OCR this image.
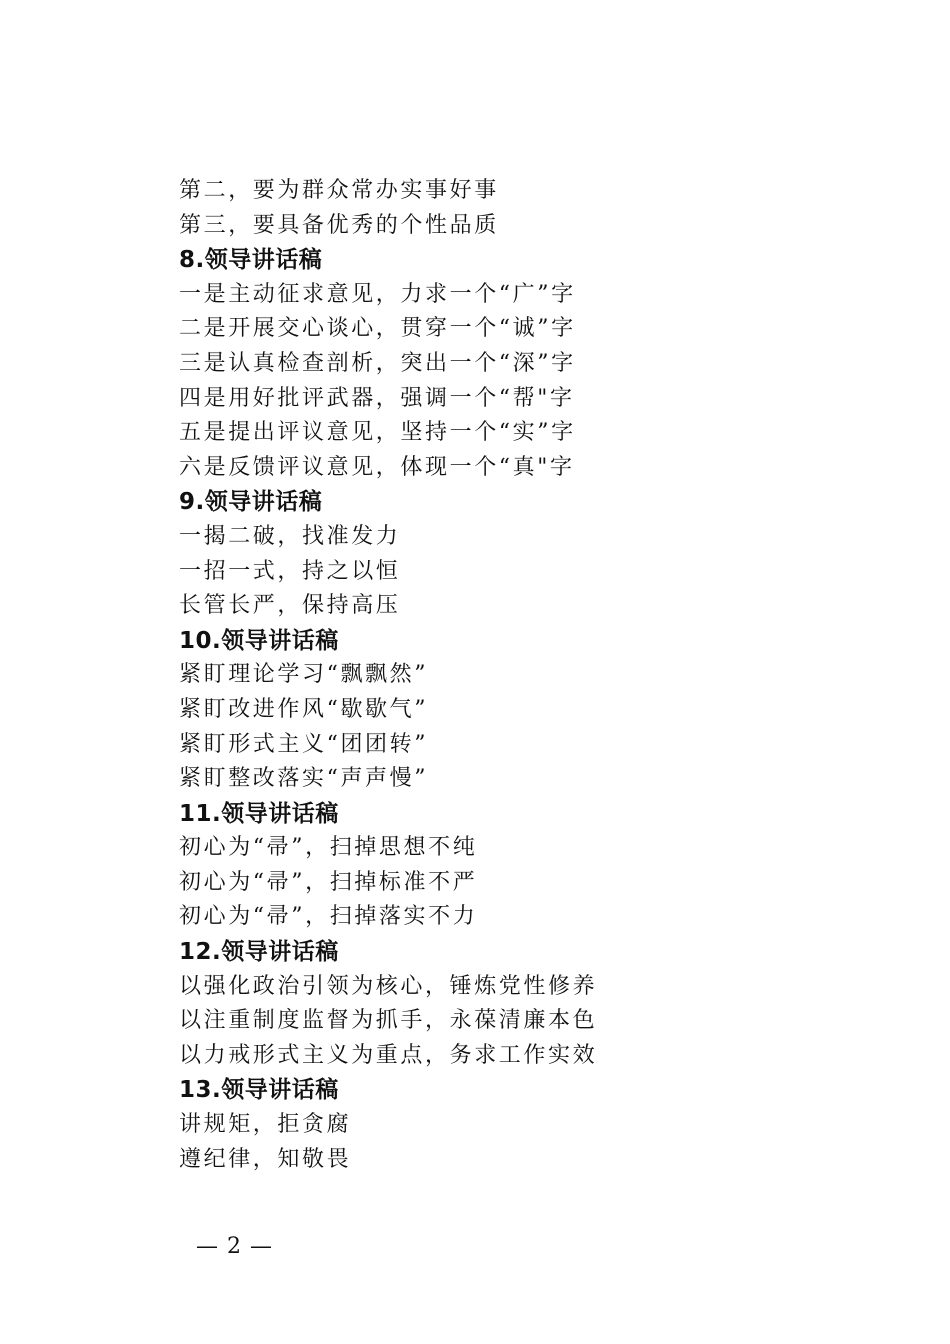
第二，要为群众常办实事好事
第三，要具备优秀的个性品质
8.领导讲话稿
一是主动征求意见，力求一个“广”字
二是开展交心谈心，贯穿一个“诚”字
三是认真检查剖析，突出一个“深”字
四是用好批评武器，强调一个“帮"字
五是提出评议意见，坚持一个“实”字
六是反馈评议意见，体现一个“真"字
9.领导讲话稿
一揭二破，找准发力
一招一式，持之以恒
长管长严，保持高压
10.领导讲话稿
紧盯理论学习“飘飘然”
紧盯改进作风“歇歇气”
紧盯形式主义“团团转”
紧盯整改落实“声声慢”
11.领导讲话稿
初心为“帚”，扫掉思想不纯
初心为“帚”，扫掉标准不严
初心为“帚”，扫掉落实不力
12.领导讲话稿
以强化政治引领为核心，锤炼党性修养
以注重制度监督为抓手，永葆清廉本色
以力戒形式主义为重点，务求工作实效
13.领导讲话稿
讲规矩，拒贪腐
遵纪律，知敬畏
— 2 —
